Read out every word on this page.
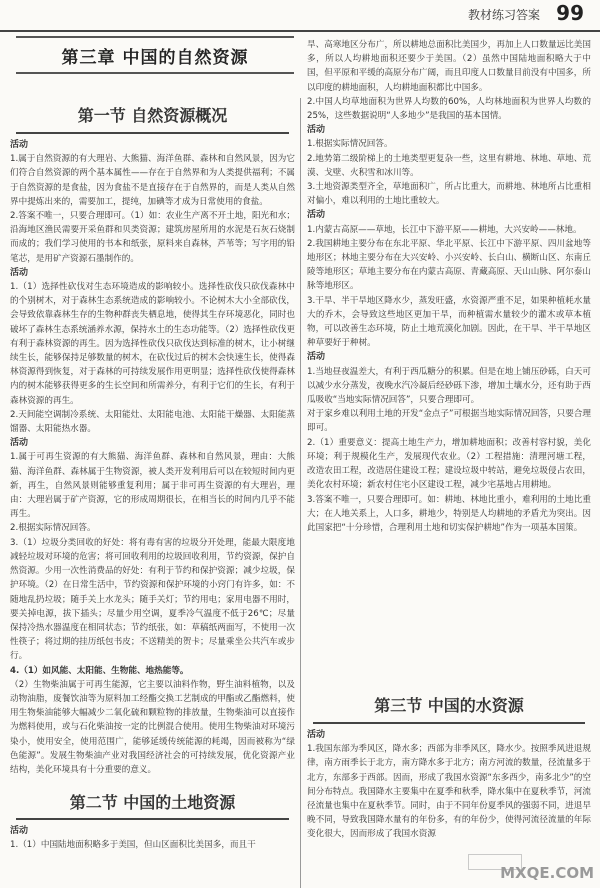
教材练习答案 99
第三章 中国的自然资源
第一节 自然资源概况
活动

1.属于自然资源的有大理岩、大熊猫、海洋鱼群、森林和自然风景，因为它们符合自然资源的两个基本属性——存在于自然界和为人类提供福利；不属于自然资源的是食盐，因为食盐不是直接存在于自然界的，而是人类从自然界中提炼出来的，需要加工，提纯，加碘等才成为日常使用的食盐。

2.答案不唯一，只要合理即可。（1）如：农业生产离不开土地，阳光和水；沿海地区渔民需要开采鱼群和贝类资源；建筑房屋所用的水泥是石灰石烧制而成的；我们学习使用的书本和纸张，原料来自森林，芦苇等；写字用的铅笔芯，是用矿产资源石墨制作的。

活动

1.（1）选择性砍伐对生态环境造成的影响较小。选择性砍伐只砍伐森林中的个别树木，对于森林生态系统造成的影响较小。不论树木大小全部砍伐，会导致依靠森林生存的生物种群丧失栖息地，使得其生存环境恶化，同时也破坏了森林生态系统涵养水源，保持水土的生态功能等。（2）选择性砍伐更有利于森林资源的再生。因为选择性砍伐只砍伐达到标准的树木，让小树继续生长，能够保持足够数量的树木，在砍伐过后的树木会快速生长，使得森林资源得到恢复，对于森林的可持续发展作用更明显；选择性砍伐使得森林内的树木能够获得更多的生长空间和所需养分，有利于它们的生长，有利于森林资源的再生。

2.天间能空调制冷系统、太阳能灶、太阳能电池、太阳能干燥器、太阳能蒸馏器、太阳能热水器。

活动

1.属于可再生资源的有大熊猫、海洋鱼群、森林和自然风景，理由：大熊猫、海洋鱼群、森林属于生物资源，被人类开发利用后可以在较短时间内更新，再生，自然风景则能够重复利用；属于非可再生资源的有大理岩，理由：大理岩属于矿产资源，它的形成周期很长，在相当长的时间内几乎不能再生。

2.根据实际情况回答。

3.（1）垃圾分类回收的好处：将有毒有害的垃圾分开处理，能最大限度地减轻垃圾对环境的危害；将可回收利用的垃圾回收利用，节约资源，保护自然资源。少用一次性消费品的好处：有利于节约和保护资源；减少垃圾，保护环境。（2）在日常生活中，节约资源和保护环境的小窍门有许多，如：不随地乱扔垃圾；随手关上水龙头；随手关灯；节约用电；家用电器不用时，要关掉电源，拔下插头；尽量少用空调，夏季冷气温度不低于26℃；尽量保持冷热水器温度在相同状态；节约纸张，如：草稿纸两面写，不使用一次性筷子；将过期的挂历纸包书皮；不送精美的贺卡；尽量乘坐公共汽车或步行。

4.（1）如风能、太阳能、生物能、地热能等。

（2）生物柴油属于可再生能源，它主要以油料作物，野生油料植物，以及动物油脂，废餐饮油等为原料加工经酯交换工艺制成的甲酯或乙酯燃料，使用生物柴油能够大幅减少二氧化硫和颗粒物的排放量，生物柴油可以直接作为燃料使用，或与石化柴油按一定的比例混合使用。使用生物柴油对环境污染小，使用安全，使用范围广，能够延缓传统能源的耗竭，因而被称为“绿色能源”。发展生物柴油产业对我国经济社会的可持续发展，优化资源产业结构，美化环境具有十分重要的意义。

第二节 中国的土地资源
活动

1.（1）中国陆地面积略多于美国，但山区面积比美国多，而且干

旱、高寒地区分布广，所以耕地总面积比美国少，再加上人口数量远比美国多，所以人均耕地面积还要少于美国。（2）虽然中国陆地面积略大于中国，但平原和平缓的高原分布广阔，而且印度人口数量目前没有中国多，所以印度的耕地面积，人均耕地面积都比中国多。

2.中国人均草地面积为世界人均数的60%，人均林地面积为世界人均数的25%，这些数据说明“人多地少”是我国的基本国情。

活动

1.根据实际情况回答。

2.地势第二级阶梯上的土地类型更复杂一些，这里有耕地、林地、草地、荒漠、戈壁、火积雪和冰川等。

3.土地资源类型齐全，草地面积广，所占比重大，而耕地、林地所占比重相对偏小，难以利用的土地比重较大。

活动

1.内蒙古高原——草地，长江中下游平原——耕地，大兴安岭——林地。

2.我国耕地主要分布在东北平原、华北平原、长江中下游平原、四川盆地等地形区；林地主要分布在大兴安岭、小兴安岭、长白山、横断山区、东南丘陵等地形区；草地主要分布在内蒙古高原、青藏高原、天山山脉、阿尔泰山脉等地形区。

3.干旱、半干旱地区降水少，蒸发旺盛，水资源严重不足，如果种植耗水量大的乔木，会导致这些地区更加干旱，而种植需水量较少的灌木或草本植物，可以改善生态环境，防止土地荒漠化加剧。因此，在干旱、半干旱地区种草要好于种树。

活动

1.当地昼夜温差大，有利于西瓜糖分的积累。但是在地上铺压砂砾，白天可以减少水分蒸发，夜晚水汽冷凝后经砂砾下渗，增加土壤水分，还有助于西瓜吸收“当地实际情况回答”，只要合理即可。

对于家乡难以利用土地的开发“金点子”可根据当地实际情况回答，只要合理即可。

2.（1）重要意义：提高土地生产力，增加耕地面积；改善村容村貌，美化环境；利于规模化生产，发展现代农业。（2）工程措施：清理河塘工程，改造农田工程，改造居住建设工程；建设垃圾中转站，避免垃圾侵占农田，美化农村环境；新农村住宅小区建设工程，减少宅基地占用耕地。

3.答案不唯一，只要合理即可。如：耕地、林地比重小，难利用的土地比重大；在人地关系上，人口多，耕地少，特别是人均耕地的矛盾尤为突出。因此国家把“十分珍惜，合理利用土地和切实保护耕地”作为一项基本国策。

第三节 中国的水资源
活动

1.我国东部为季风区，降水多；西部为非季风区，降水少。按照季风进退规律，南方雨季长于北方，南方降水多于北方；南方河流的数量，径流量多于北方，东部多于西部。因而，形成了我国水资源“东多西少，南多北少”的空间分布特点。我国降水主要集中在夏季和秋季，降水集中在夏秋季节，河流径流量也集中在夏秋季节。同时，由于不同年份夏季风的强弱不同，进退早晚不同，导致我国降水量有的年份多，有的年份少，使得河流径流量的年际变化很大，因而形成了我国水资源

MXQE.COM
